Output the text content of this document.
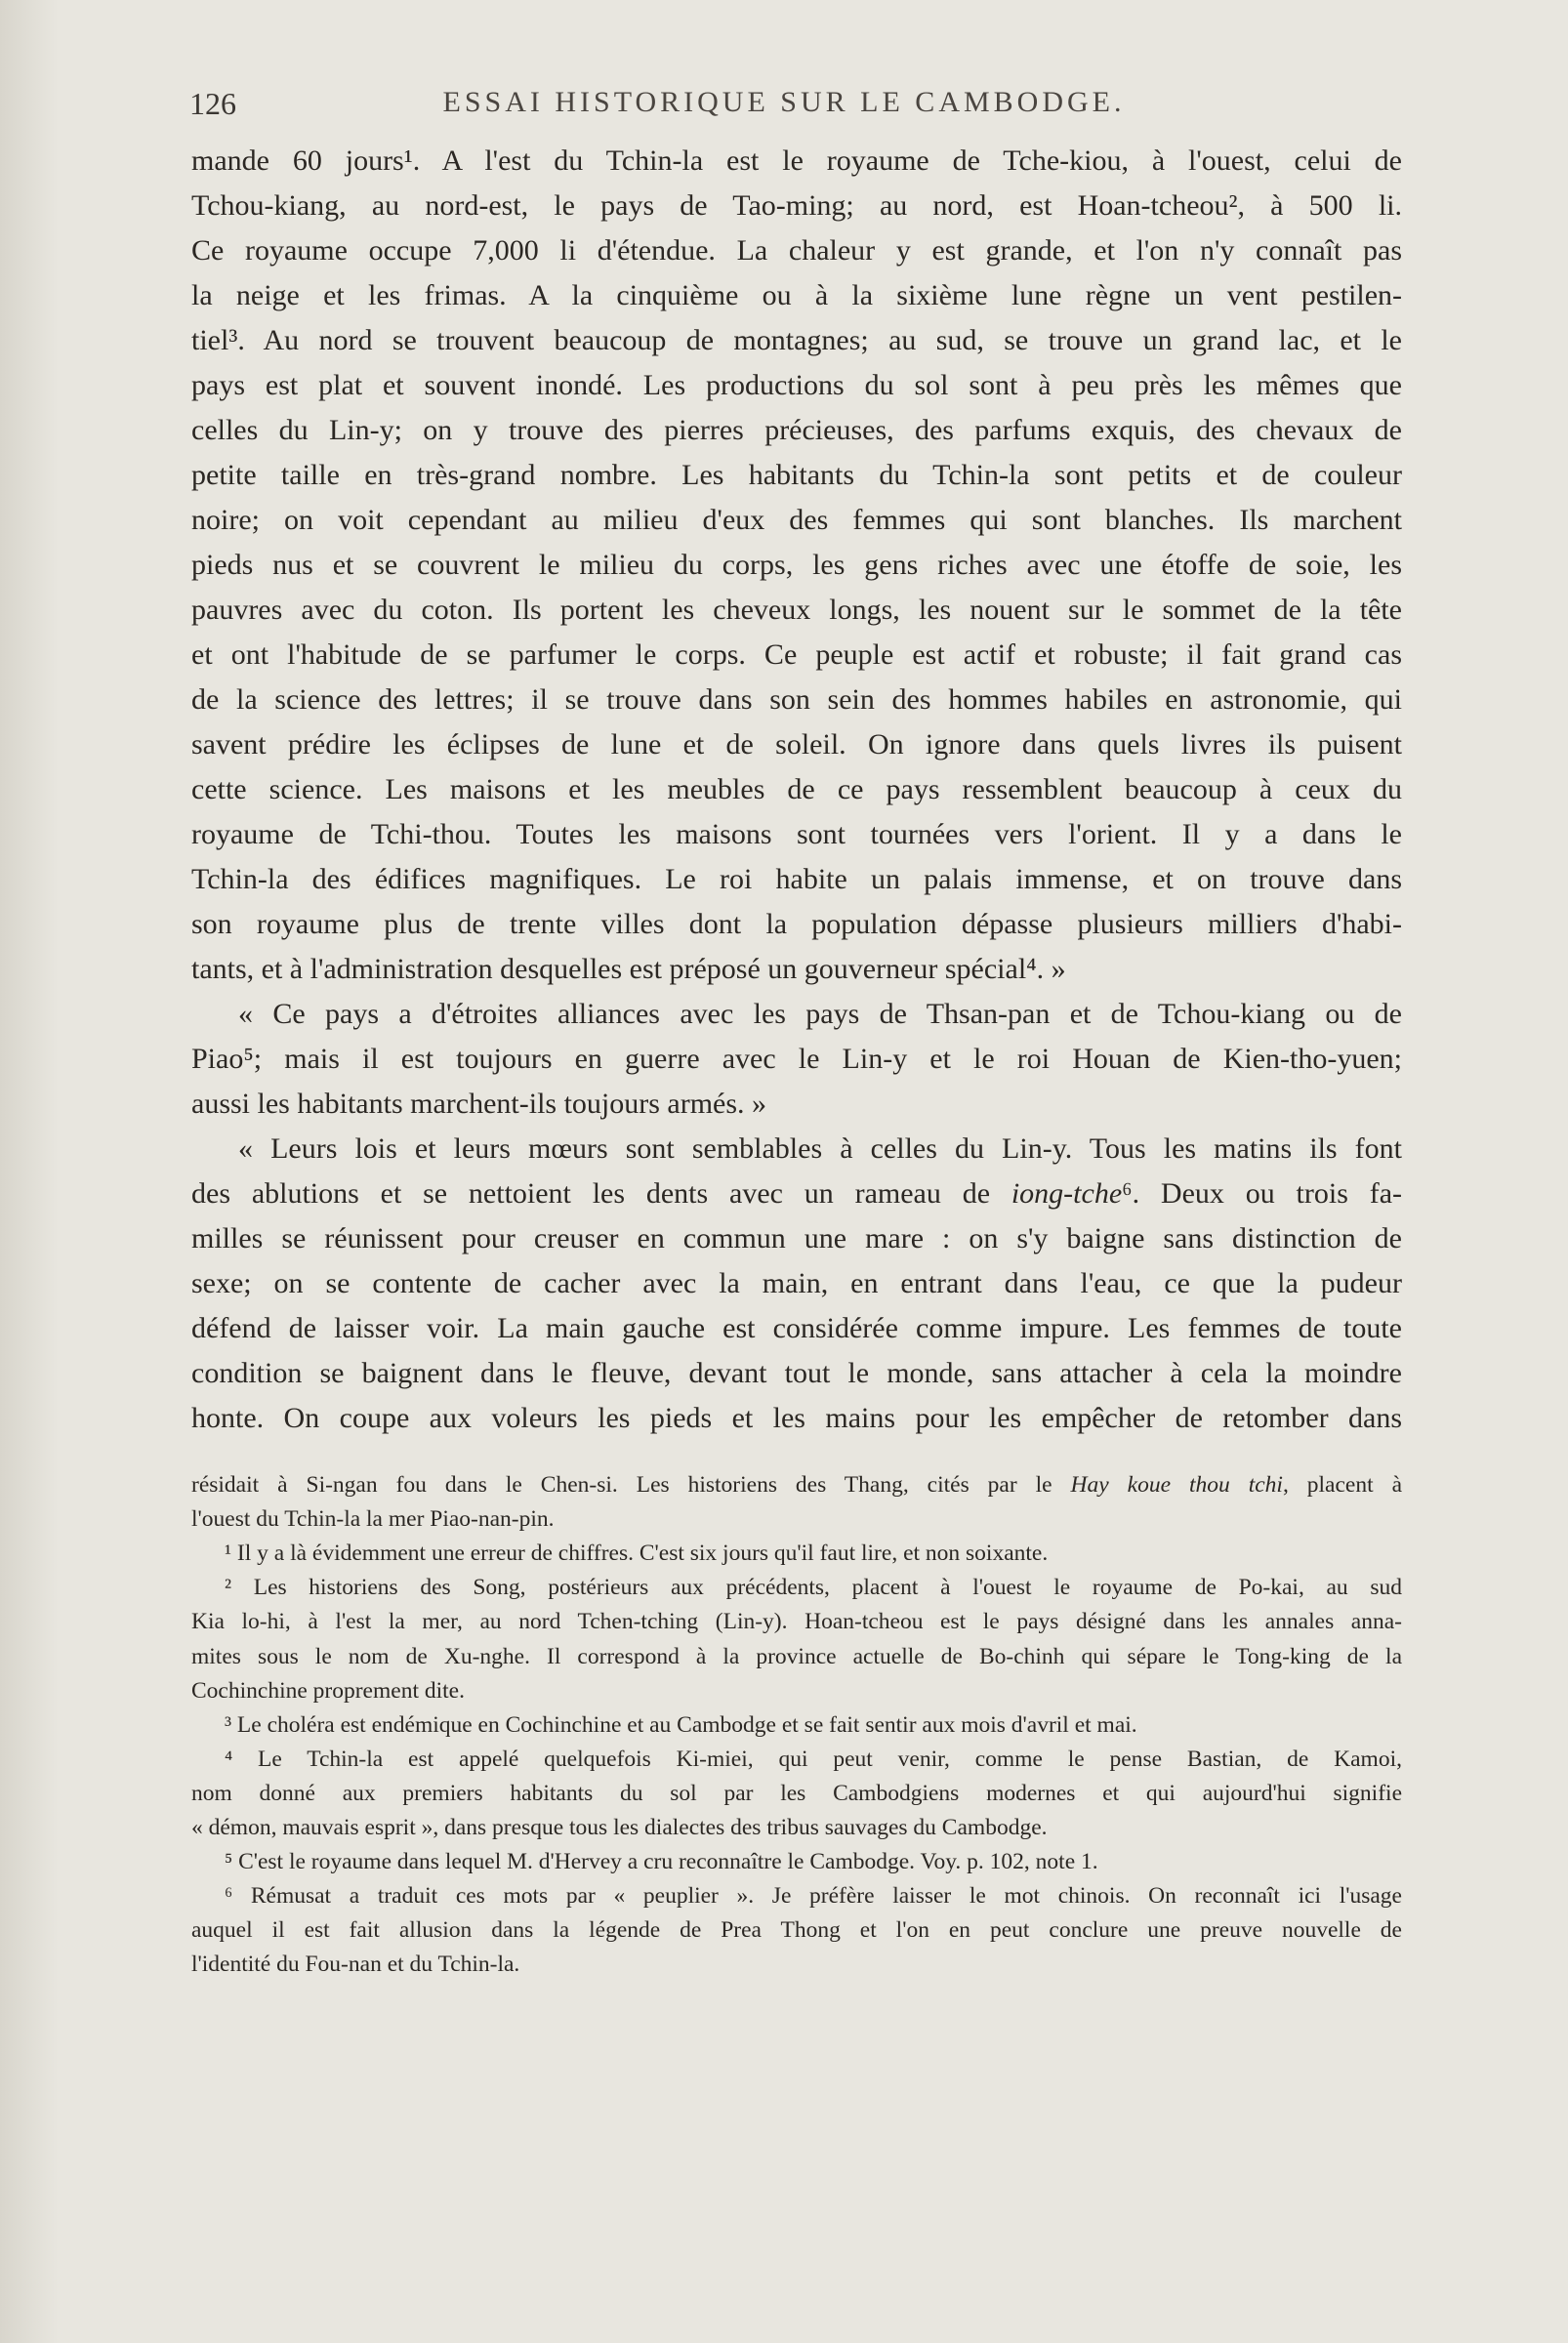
126	ESSAI HISTORIQUE SUR LE CAMBODGE.
mande 60 jours¹. A l'est du Tchin-la est le royaume de Tche-kiou, à l'ouest, celui de
Tchou-kiang, au nord-est, le pays de Tao-ming; au nord, est Hoan-tcheou², à 500 li.
Ce royaume occupe 7,000 li d'étendue. La chaleur y est grande, et l'on n'y connaît pas
la neige et les frimas. A la cinquième ou à la sixième lune règne un vent pestilen-
tiel³. Au nord se trouvent beaucoup de montagnes; au sud, se trouve un grand lac, et le
pays est plat et souvent inondé. Les productions du sol sont à peu près les mêmes que
celles du Lin-y; on y trouve des pierres précieuses, des parfums exquis, des chevaux de
petite taille en très-grand nombre. Les habitants du Tchin-la sont petits et de couleur
noire; on voit cependant au milieu d'eux des femmes qui sont blanches. Ils marchent
pieds nus et se couvrent le milieu du corps, les gens riches avec une étoffe de soie, les
pauvres avec du coton. Ils portent les cheveux longs, les nouent sur le sommet de la tête
et ont l'habitude de se parfumer le corps. Ce peuple est actif et robuste; il fait grand cas
de la science des lettres; il se trouve dans son sein des hommes habiles en astronomie, qui
savent prédire les éclipses de lune et de soleil. On ignore dans quels livres ils puisent
cette science. Les maisons et les meubles de ce pays ressemblent beaucoup à ceux du
royaume de Tchi-thou. Toutes les maisons sont tournées vers l'orient. Il y a dans le
Tchin-la des édifices magnifiques. Le roi habite un palais immense, et on trouve dans
son royaume plus de trente villes dont la population dépasse plusieurs milliers d'habi-
tants, et à l'administration desquelles est préposé un gouverneur spécial⁴. »
« Ce pays a d'étroites alliances avec les pays de Thsan-pan et de Tchou-kiang ou de
Piao⁵; mais il est toujours en guerre avec le Lin-y et le roi Houan de Kien-tho-yuen;
aussi les habitants marchent-ils toujours armés. »
« Leurs lois et leurs mœurs sont semblables à celles du Lin-y. Tous les matins ils font
des ablutions et se nettoient les dents avec un rameau de iong-tche⁶. Deux ou trois fa-
milles se réunissent pour creuser en commun une mare : on s'y baigne sans distinction de
sexe; on se contente de cacher avec la main, en entrant dans l'eau, ce que la pudeur
défend de laisser voir. La main gauche est considérée comme impure. Les femmes de toute
condition se baignent dans le fleuve, devant tout le monde, sans attacher à cela la moindre
honte. On coupe aux voleurs les pieds et les mains pour les empêcher de retomber dans
résidait à Si-ngan fou dans le Chen-si. Les historiens des Thang, cités par le Hay koue thou tchi, placent à
l'ouest du Tchin-la la mer Piao-nan-pin.
¹ Il y a là évidemment une erreur de chiffres. C'est six jours qu'il faut lire, et non soixante.
² Les historiens des Song, postérieurs aux précédents, placent à l'ouest le royaume de Po-kai, au sud
Kia lo-hi, à l'est la mer, au nord Tchen-tching (Lin-y). Hoan-tcheou est le pays désigné dans les annales anna-
mites sous le nom de Xu-nghe. Il correspond à la province actuelle de Bo-chinh qui sépare le Tong-king de la
Cochinchine proprement dite.
³ Le choléra est endémique en Cochinchine et au Cambodge et se fait sentir aux mois d'avril et mai.
⁴ Le Tchin-la est appelé quelquefois Ki-miei, qui peut venir, comme le pense Bastian, de Kamoi,
nom donné aux premiers habitants du sol par les Cambodgiens modernes et qui aujourd'hui signifie
« démon, mauvais esprit », dans presque tous les dialectes des tribus sauvages du Cambodge.
⁵ C'est le royaume dans lequel M. d'Hervey a cru reconnaître le Cambodge. Voy. p. 102, note 1.
⁶ Rémusat a traduit ces mots par « peuplier ». Je préfère laisser le mot chinois. On reconnaît ici l'usage
auquel il est fait allusion dans la légende de Prea Thong et l'on en peut conclure une preuve nouvelle de
l'identité du Fou-nan et du Tchin-la.
